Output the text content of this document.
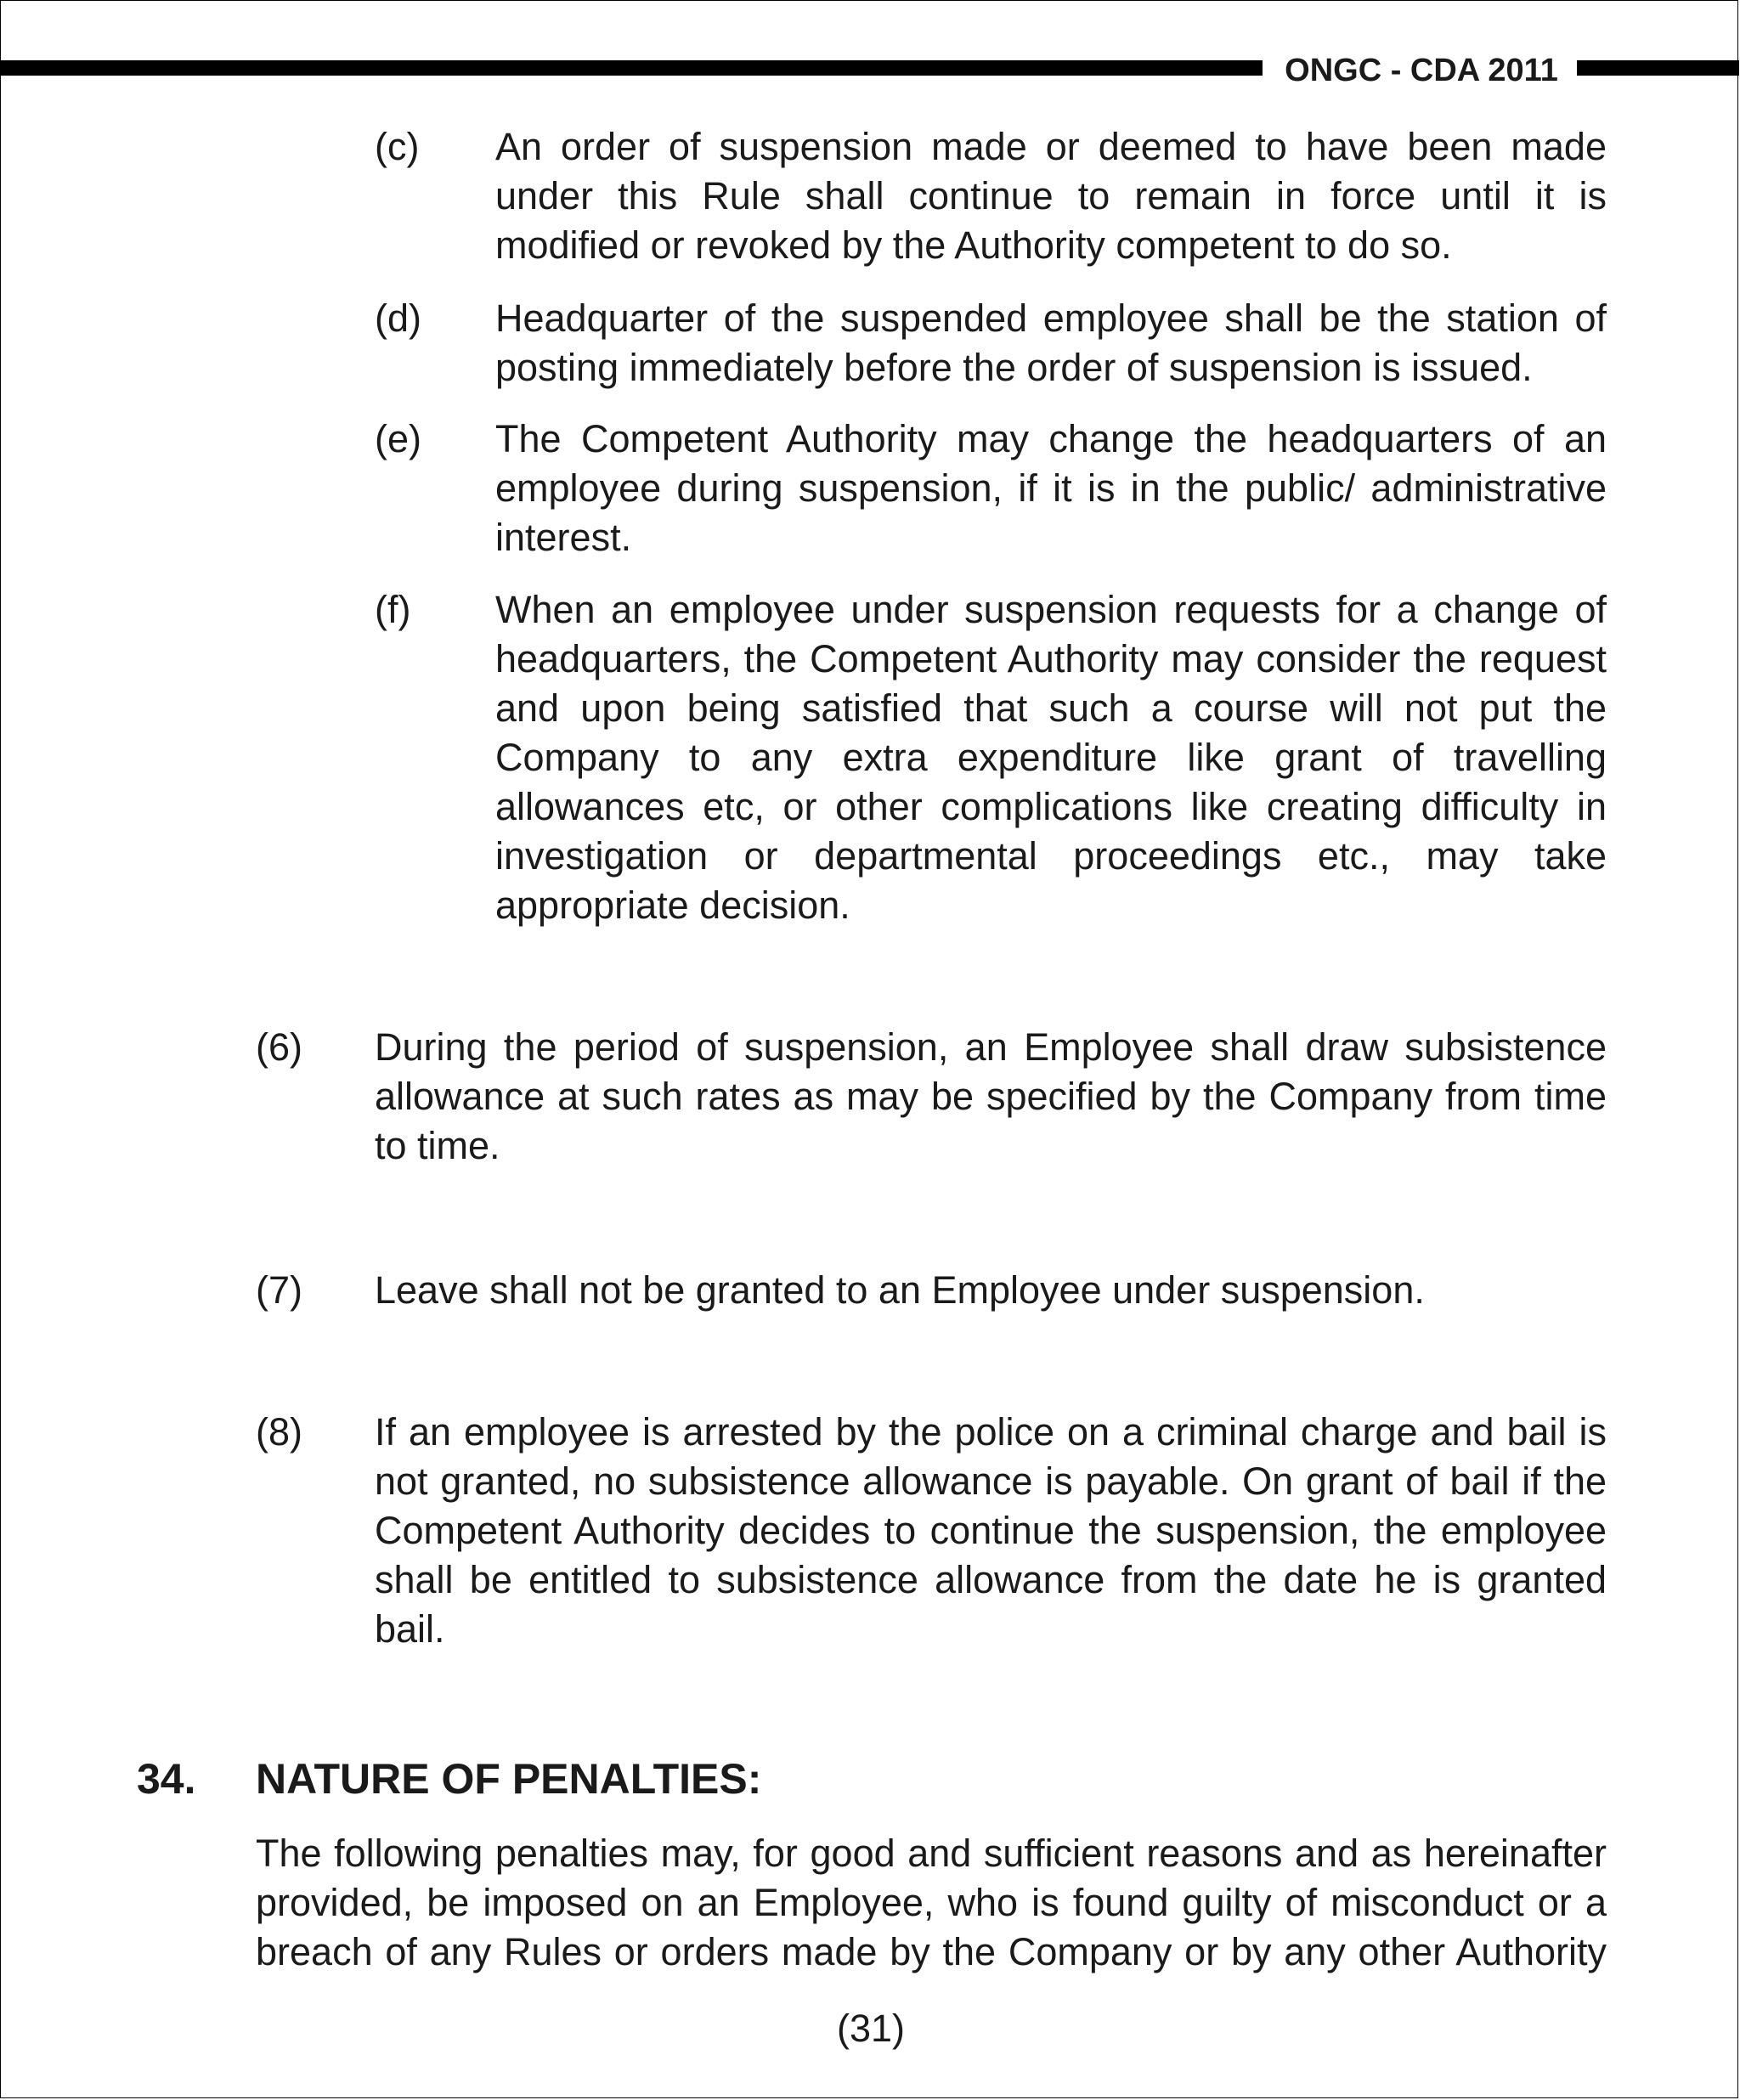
ONGC - CDA 2011
(c) An order of suspension made or deemed to have been made under this Rule shall continue to remain in force until it is modified or revoked by the Authority competent to do so.
(d) Headquarter of the suspended employee shall be the station of posting immediately before the order of suspension is issued.
(e) The Competent Authority may change the headquarters of an employee during suspension, if it is in the public/ administrative interest.
(f) When an employee under suspension requests for a change of headquarters, the Competent Authority may consider the request and upon being satisfied that such a course will not put the Company to any extra expenditure like grant of travelling allowances etc, or other complications like creating difficulty in investigation or departmental proceedings etc., may take appropriate decision.
(6) During the period of suspension, an Employee shall draw subsistence allowance at such rates as may be specified by the Company from time to time.
(7) Leave shall not be granted to an Employee under suspension.
(8) If an employee is arrested by the police on a criminal charge and bail is not granted, no subsistence allowance is payable. On grant of bail if the Competent Authority decides to continue the suspension, the employee shall be entitled to subsistence allowance from the date he is granted bail.
34. NATURE OF PENALTIES:
The following penalties may, for good and sufficient reasons and as hereinafter provided, be imposed on an Employee, who is found guilty of misconduct or a breach of any Rules or orders made by the Company or by any other Authority
(31)
